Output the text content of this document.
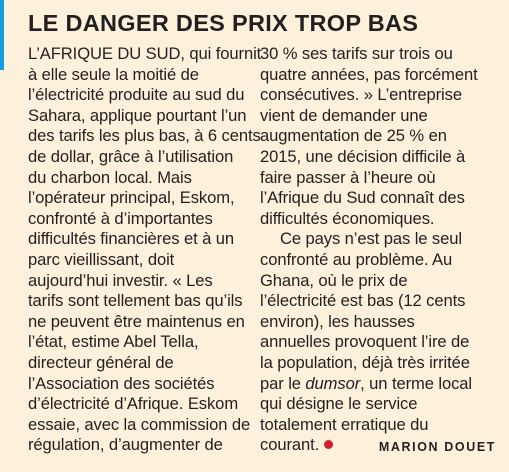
LE DANGER DES PRIX TROP BAS
L’AFRIQUE DU SUD, qui fournit
à elle seule la moitié de
l’électricité produite au sud du
Sahara, applique pourtant l’un
des tarifs les plus bas, à 6 cents
de dollar, grâce à l’utilisation
du charbon local. Mais
l’opérateur principal, Eskom,
confronté à d’importantes
difficultés financières et à un
parc vieillissant, doit
aujourd’hui investir. « Les
tarifs sont tellement bas qu’ils
ne peuvent être maintenus en
l’état, estime Abel Tella,
directeur général de
l’Association des sociétés
d’électricité d’Afrique. Eskom
essaie, avec la commission de
régulation, d’augmenter de
30 % ses tarifs sur trois ou
quatre années, pas forcément
consécutives. » L’entreprise
vient de demander une
augmentation de 25 % en
2015, une décision difficile à
faire passer à l’heure où
l’Afrique du Sud connaît des
difficultés économiques.
Ce pays n’est pas le seul
confronté au problème. Au
Ghana, où le prix de
l’électricité est bas (12 cents
environ), les hausses
annuelles provoquent l’ire de
la population, déjà très irritée
par le dumsor, un terme local
qui désigne le service
totalement erratique du
courant.	MARION DOUET
